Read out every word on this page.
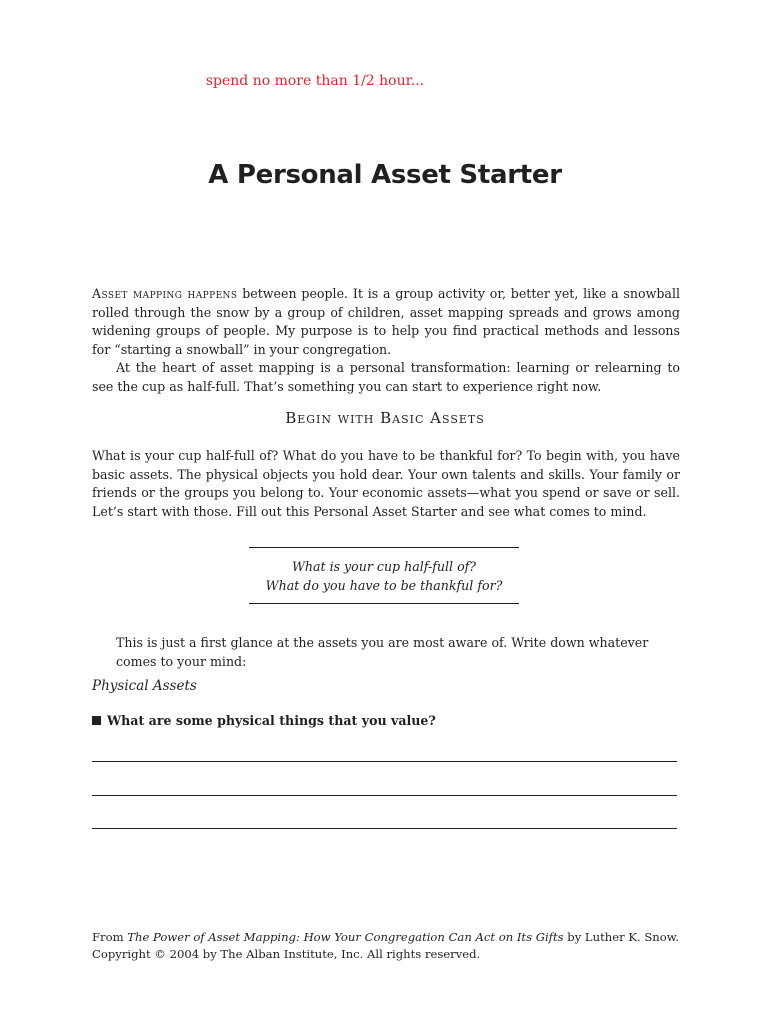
spend no more than 1/2 hour...
A Personal Asset Starter

Asset mapping happens between people. It is a group activity or, better yet, like a snowball rolled through the snow by a group of children, asset mapping spreads and grows among widening groups of people. My purpose is to help you find practical methods and lessons for “starting a snowball” in your congregation.

At the heart of asset mapping is a personal transformation: learning or relearning to see the cup as half-full. That’s something you can start to experience right now.

Begin with Basic Assets

What is your cup half-full of? What do you have to be thankful for? To begin with, you have basic assets. The physical objects you hold dear. Your own talents and skills. Your family or friends or the groups you belong to. Your economic assets—what you spend or save or sell. Let’s start with those. Fill out this Personal Asset Starter and see what comes to mind.

What is your cup half-full of?
What do you have to be thankful for?

This is just a first glance at the assets you are most aware of. Write down whatever comes to your mind:

Physical Assets
What are some physical things that you value?

From The Power of Asset Mapping: How Your Congregation Can Act on Its Gifts by Luther K. Snow. Copyright © 2004 by The Alban Institute, Inc. All rights reserved.
